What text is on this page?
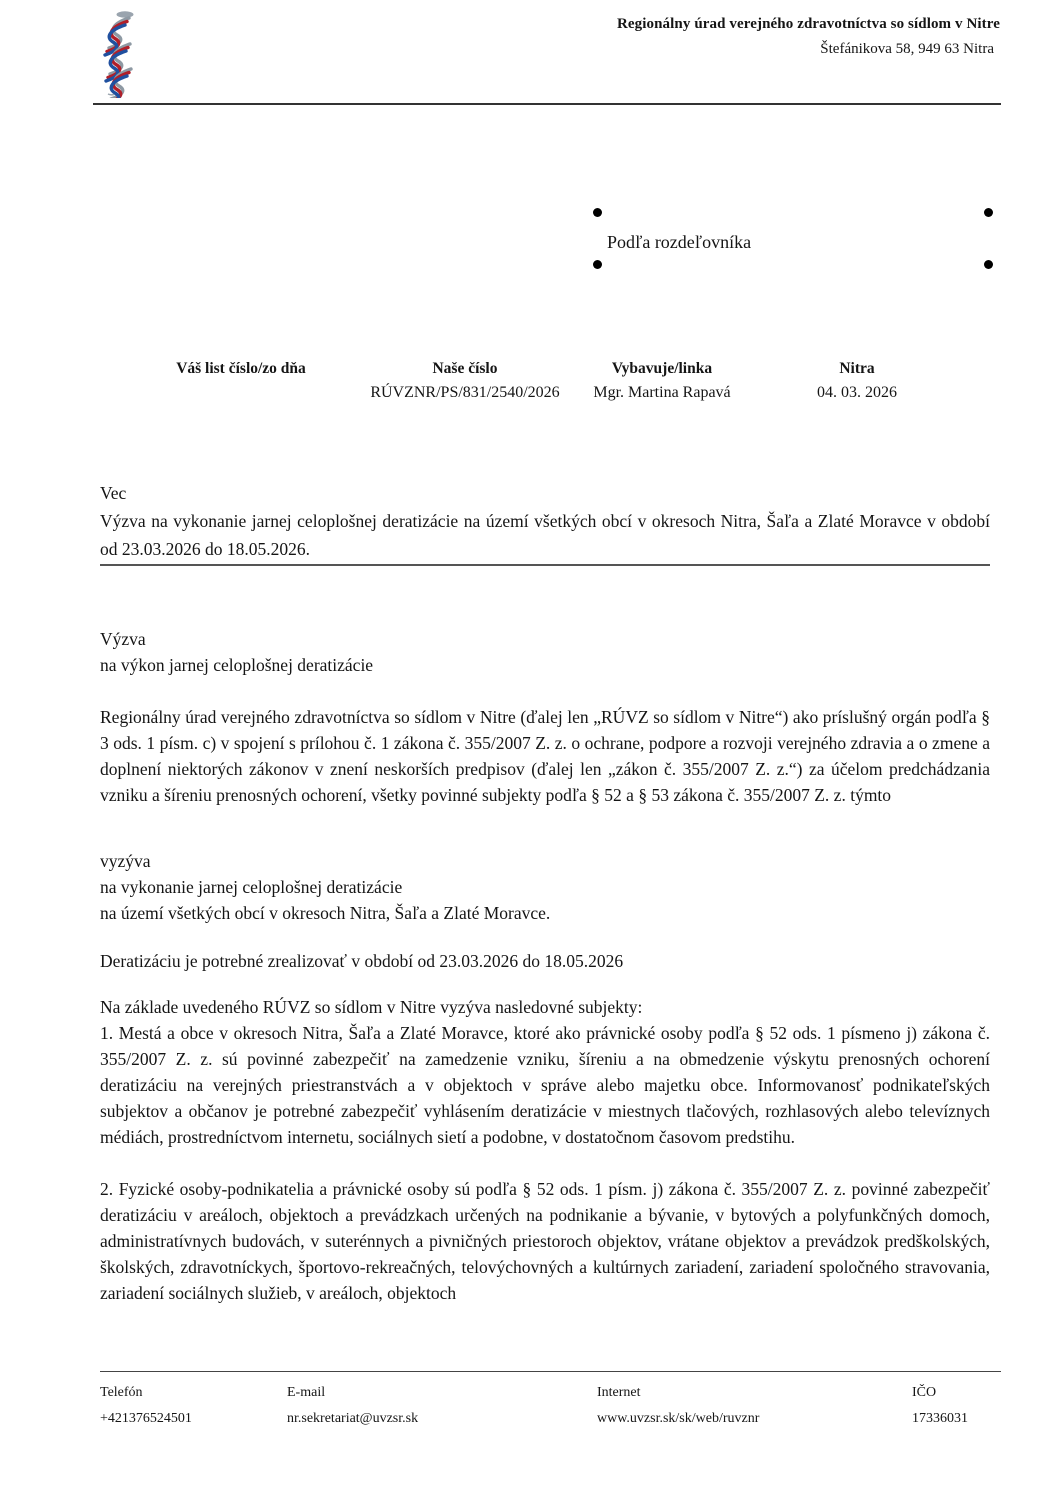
Regionálny úrad verejného zdravotníctva so sídlom v Nitre
Štefánikova 58, 949 63 Nitra
Podľa rozdeľovníka
Váš list číslo/zo dňa	Naše číslo
RÚVZNR/PS/831/2540/2026
Vybavuje/linka
Mgr. Martina Rapavá
Nitra
04. 03. 2026
Vec
Výzva na vykonanie jarnej celoplošnej deratizácie na území všetkých obcí v okresoch Nitra, Šaľa a Zlaté Moravce v období od 23.03.2026 do 18.05.2026.
Výzva
na výkon jarnej celoplošnej deratizácie
Regionálny úrad verejného zdravotníctva so sídlom v Nitre (ďalej len „RÚVZ so sídlom v Nitre“) ako príslušný orgán podľa § 3 ods. 1 písm. c) v spojení s prílohou č. 1 zákona č. 355/2007 Z. z. o ochrane, podpore a rozvoji verejného zdravia a o zmene a doplnení niektorých zákonov v znení neskorších predpisov (ďalej len „zákon č. 355/2007 Z. z.“) za účelom predchádzania vzniku a šíreniu prenosných ochorení, všetky povinné subjekty podľa § 52 a § 53 zákona č. 355/2007 Z. z. týmto
vyzýva
na vykonanie jarnej celoplošnej deratizácie
na území všetkých obcí v okresoch Nitra, Šaľa a Zlaté Moravce.
Deratizáciu je potrebné zrealizovať v období od 23.03.2026 do 18.05.2026
Na základe uvedeného RÚVZ so sídlom v Nitre vyzýva nasledovné subjekty:
1. Mestá a obce v okresoch Nitra, Šaľa a Zlaté Moravce, ktoré ako právnické osoby podľa § 52 ods. 1 písmeno j) zákona č. 355/2007 Z. z. sú povinné zabezpečiť na zamedzenie vzniku, šíreniu a na obmedzenie výskytu prenosných ochorení deratizáciu na verejných priestranstvách a v objektoch v správe alebo majetku obce. Informovanosť podnikateľských subjektov a občanov je potrebné zabezpečiť vyhlásením deratizácie v miestnych tlačových, rozhlasových alebo televíznych médiách, prostredníctvom internetu, sociálnych sietí a podobne, v dostatočnom časovom predstihu.
2. Fyzické osoby-podnikatelia a právnické osoby sú podľa § 52 ods. 1 písm. j) zákona č. 355/2007 Z. z. povinné zabezpečiť deratizáciu v areáloch, objektoch a prevádzkach určených na podnikanie a bývanie, v bytových a polyfunkčných domoch, administratívnych budovách, v suterénnych a pivničných priestoroch objektov, vrátane objektov a prevádzok predškolských, školských, zdravotníckych, športovo-rekreačných, telovýchovných a kultúrnych zariadení, zariadení spoločného stravovania, zariadení sociálnych služieb, v areáloch, objektoch
Telefón
+421376524501
E-mail
nr.sekretariat@uvzsr.sk
Internet
www.uvzsr.sk/sk/web/ruvznr
IČO
17336031
